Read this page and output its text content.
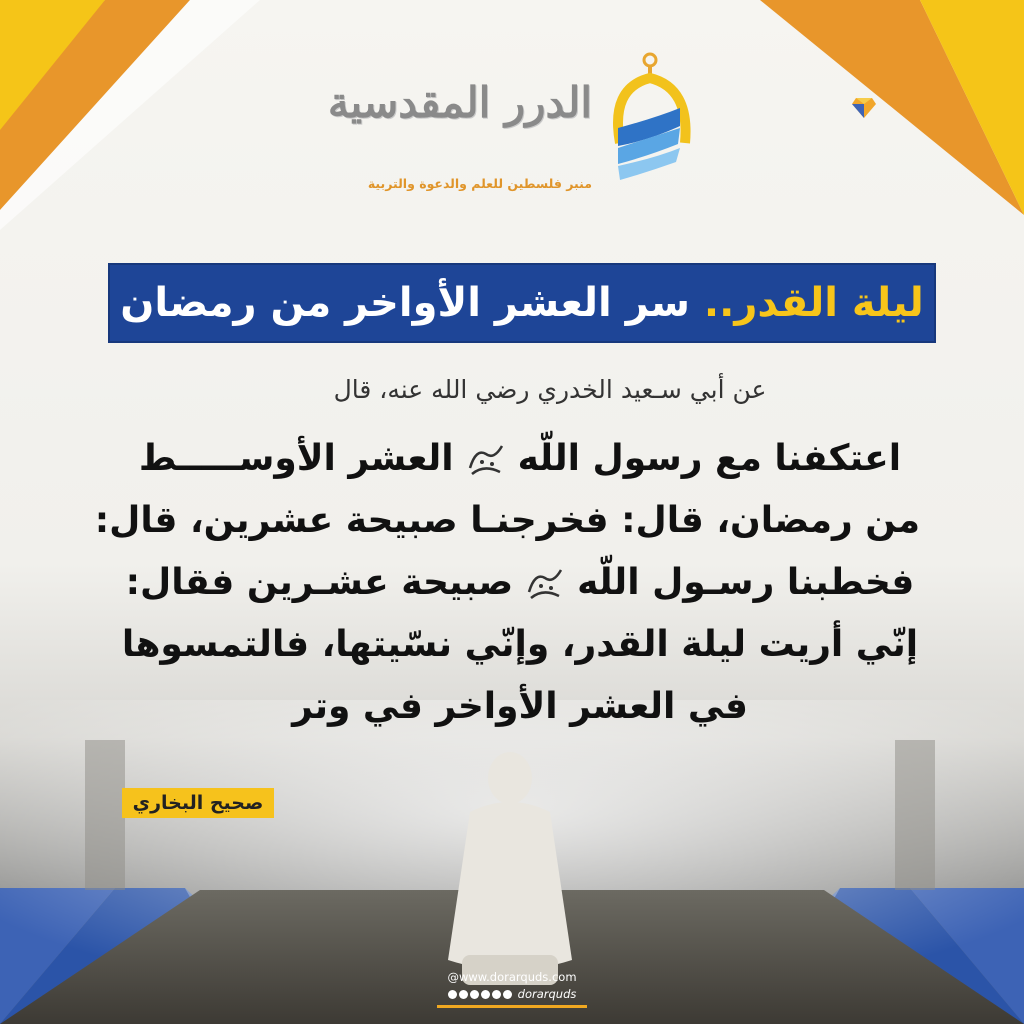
الدرر المقدسية
منبر فلسطين للعلم والدعوة والتربية
ليلة القدر..
سر العشر الأواخر من رمضان
عن أبي سـعيد الخدري رضي الله عنه، قال
اعتكفنا مع رسول اللّهالعشر الأوســـــط
من رمضان، قال: فخرجنـا صبيحة عشرين، قال:
فخطبنا رسـول اللّهصبيحة عشـرين فقال:
إنّي أريت ليلة القدر، وإنّي نسّيتها، فالتمسوها
في العشر الأواخر في وتر
صحيح البخاري
@www.dorarquds.com
dorarquds
